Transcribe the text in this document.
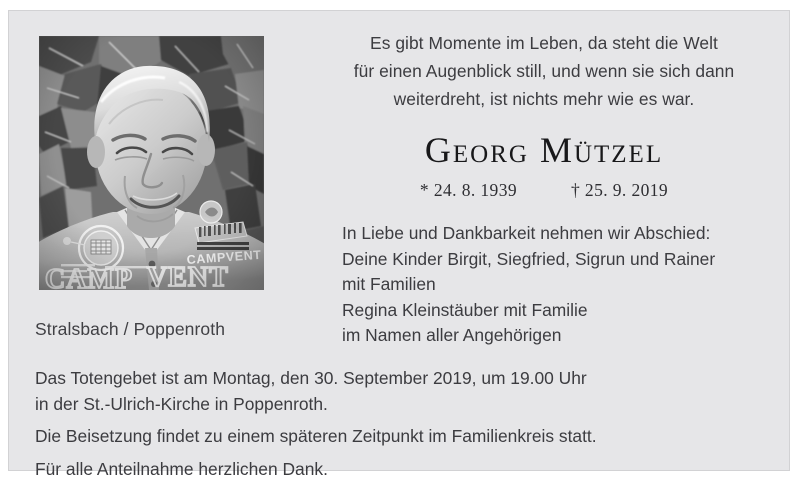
Stralsbach / Poppenroth
Es gibt Momente im Leben, da steht die Welt
für einen Augenblick still, und wenn sie sich dann
weiterdreht, ist nichts mehr wie es war.
Georg Mützel
* 24. 8. 1939	† 25. 9. 2019
In Liebe und Dankbarkeit nehmen wir Abschied:
Deine Kinder Birgit, Siegfried, Sigrun und Rainer
mit Familien
Regina Kleinstäuber mit Familie
im Namen aller Angehörigen
Das Totengebet ist am Montag, den 30. September 2019, um 19.00 Uhr
in der St.-Ulrich-Kirche in Poppenroth.
Die Beisetzung findet zu einem späteren Zeitpunkt im Familienkreis statt.
Für alle Anteilnahme herzlichen Dank.
